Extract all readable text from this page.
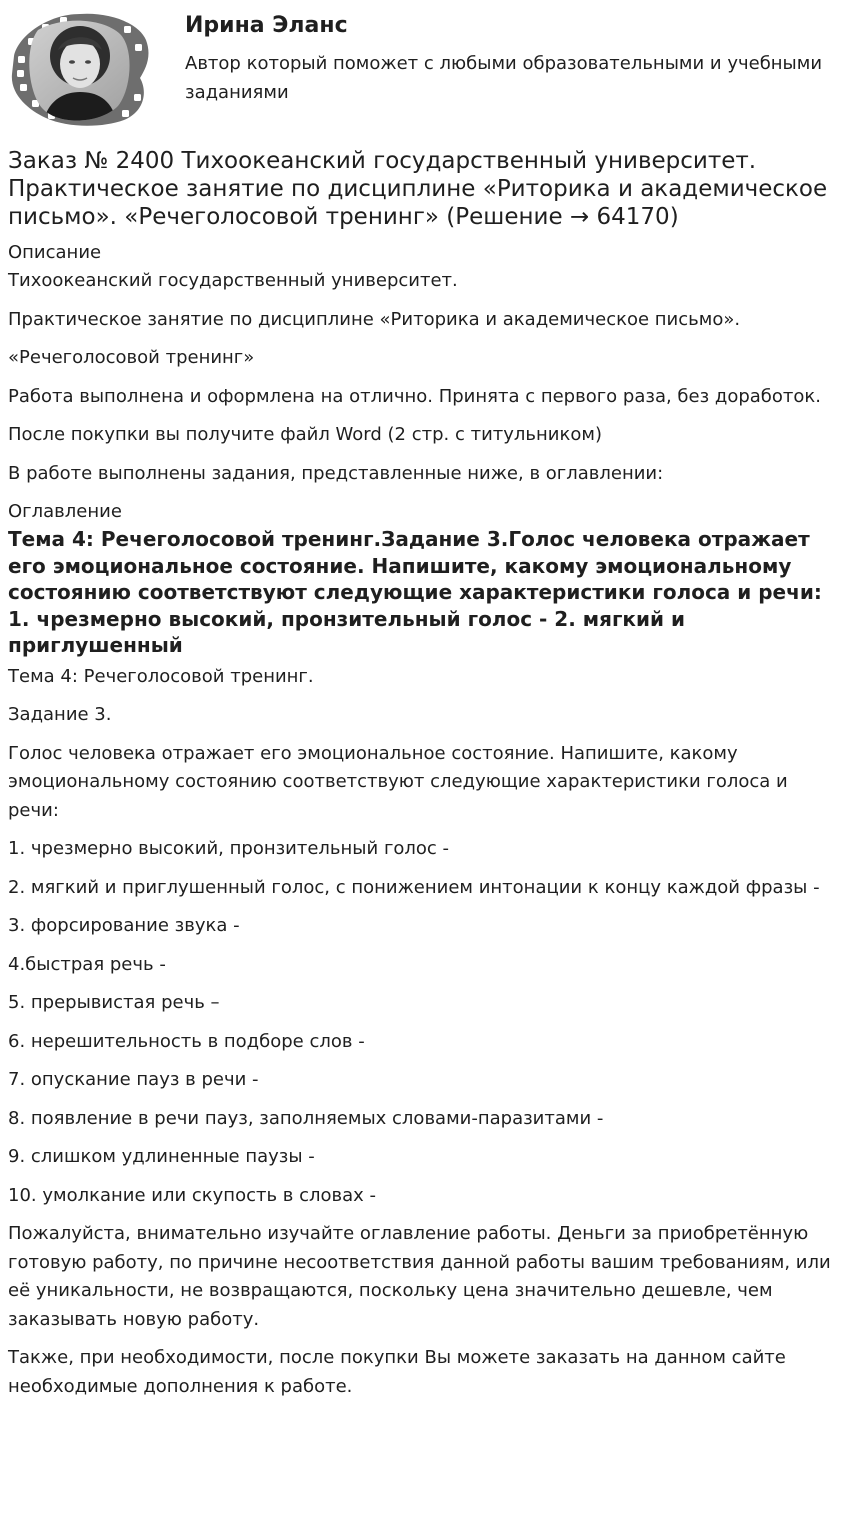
Ирина Эланс
Автор который поможет с любыми образовательными и учебными заданиями
Заказ № 2400 Тихоокеанский государственный университет. Практическое занятие по дисциплине «Риторика и академическое письмо». «Речеголосовой тренинг» (Решение → 64170)
Описание

Тихоокеанский государственный университет.

Практическое занятие по дисциплине «Риторика и академическое письмо».

«Речеголосовой тренинг»

Работа выполнена и оформлена на отлично. Принята с первого раза, без доработок.

После покупки вы получите файл Word (2 стр. с титульником)

В работе выполнены задания, представленные ниже, в оглавлении:

Оглавление
Тема 4: Речеголосовой тренинг.Задание 3.Голос человека отражает его эмоциональное состояние. Напишите, какому эмоциональному состоянию соответствуют следующие характеристики голоса и речи: 1. чрезмерно высокий, пронзительный голос - 2. мягкий и приглушенный

Тема 4: Речеголосовой тренинг.

Задание 3.

Голос человека отражает его эмоциональное состояние. Напишите, какому эмоциональному состоянию соответствуют следующие характеристики голоса и речи:

1. чрезмерно высокий, пронзительный голос -

2. мягкий и приглушенный голос, с понижением интонации к концу каждой фразы -

3. форсирование звука -

4.быстрая речь -

5. прерывистая речь –

6. нерешительность в подборе слов -

7. опускание пауз в речи -

8. появление в речи пауз, заполняемых словами-паразитами -

9. слишком удлиненные паузы -

10. умолкание или скупость в словах -

Пожалуйста, внимательно изучайте оглавление работы. Деньги за приобретённую готовую работу, по причине несоответствия данной работы вашим требованиям, или её уникальности, не возвращаются, поскольку цена значительно дешевле, чем заказывать новую работу.

Также, при необходимости, после покупки Вы можете заказать на данном сайте необходимые дополнения к работе.
